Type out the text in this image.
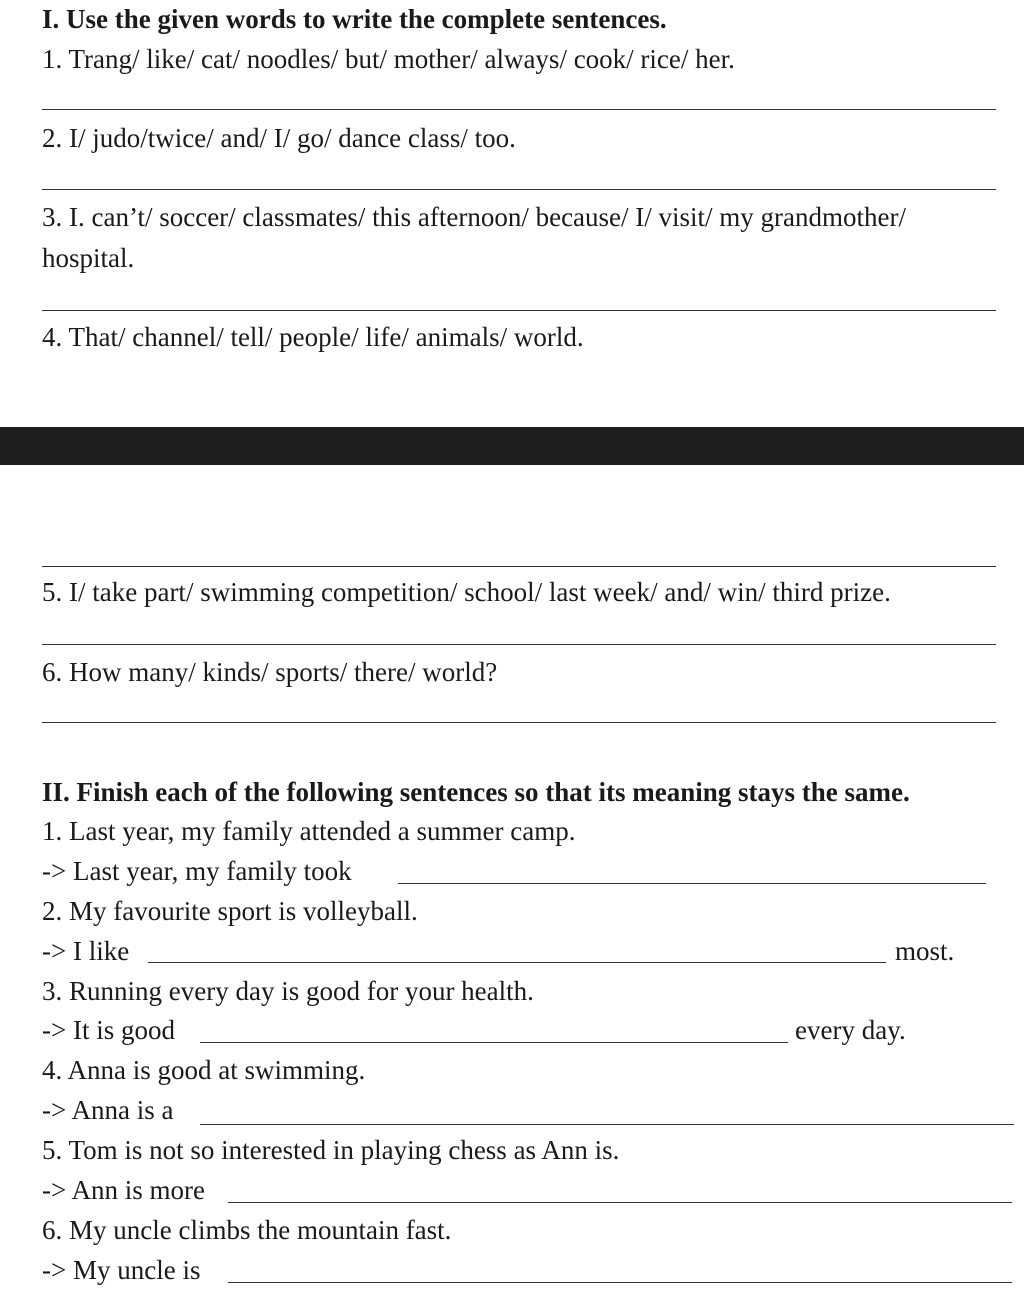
I. Use the given words to write the complete sentences.
1. Trang/ like/ cat/ noodles/ but/ mother/ always/ cook/ rice/ her.
2. I/ judo/twice/ and/ I/ go/ dance class/ too.
3. I. can’t/ soccer/ classmates/ this afternoon/ because/ I/ visit/ my grandmother/
hospital.
4. That/ channel/ tell/ people/ life/ animals/ world.
5. I/ take part/ swimming competition/ school/ last week/ and/ win/ third prize.
6. How many/ kinds/ sports/ there/ world?
II. Finish each of the following sentences so that its meaning stays the same.
1. Last year, my family attended a summer camp.
-> Last year, my family took
2. My favourite sport is volleyball.
-> I like	most.
3. Running every day is good for your health.
-> It is good	every day.
4. Anna is good at swimming.
-> Anna is a
5. Tom is not so interested in playing chess as Ann is.
-> Ann is more
6. My uncle climbs the mountain fast.
-> My uncle is
